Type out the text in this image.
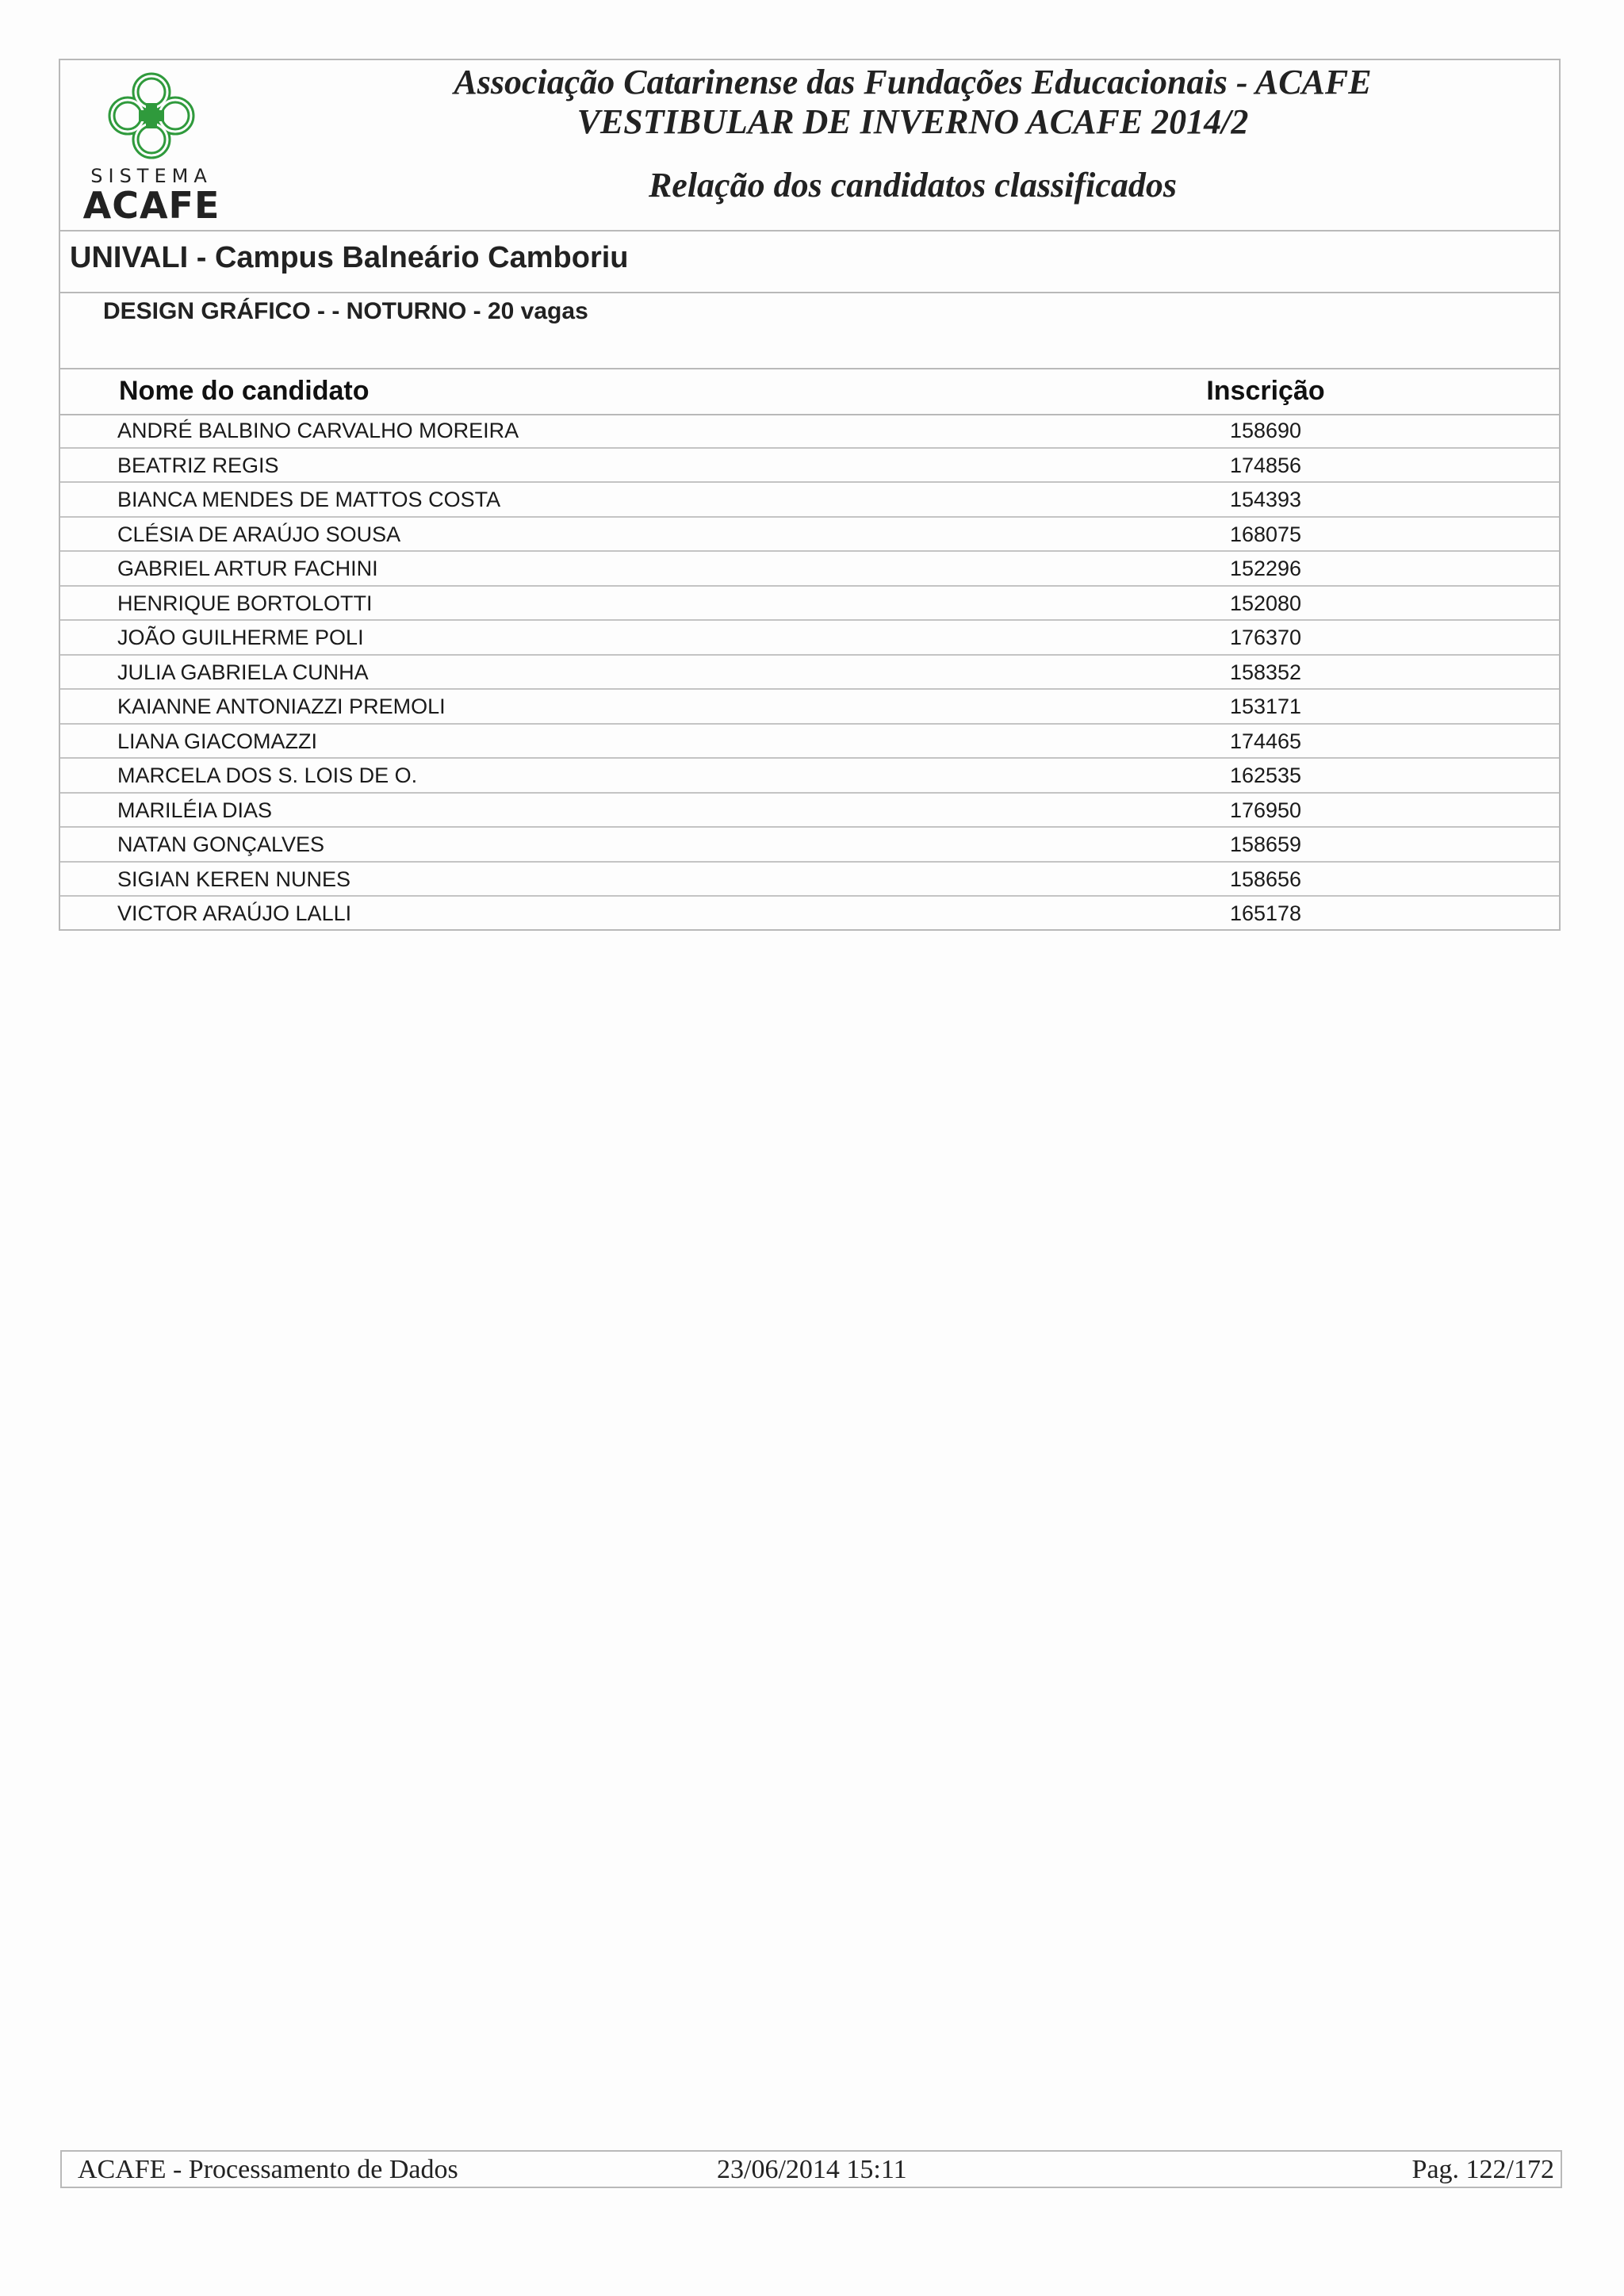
SISTEMA
ACAFE
Associação Catarinense das Fundações Educacionais - ACAFE
VESTIBULAR DE INVERNO ACAFE 2014/2
Relação dos candidatos classificados
UNIVALI - Campus Balneário Camboriu
DESIGN GRÁFICO - - NOTURNO - 20 vagas
Nome do candidato	Inscrição
ANDRÉ BALBINO CARVALHO MOREIRA	158690
BEATRIZ REGIS	174856
BIANCA MENDES DE MATTOS COSTA	154393
CLÉSIA DE ARAÚJO SOUSA	168075
GABRIEL ARTUR FACHINI	152296
HENRIQUE BORTOLOTTI	152080
JOÃO GUILHERME POLI	176370
JULIA GABRIELA CUNHA	158352
KAIANNE ANTONIAZZI PREMOLI	153171
LIANA GIACOMAZZI	174465
MARCELA DOS S. LOIS DE O.	162535
MARILÉIA DIAS	176950
NATAN GONÇALVES	158659
SIGIAN KEREN NUNES	158656
VICTOR ARAÚJO LALLI	165178
ACAFE - Processamento de Dados	23/06/2014 15:11	Pag. 122/172
